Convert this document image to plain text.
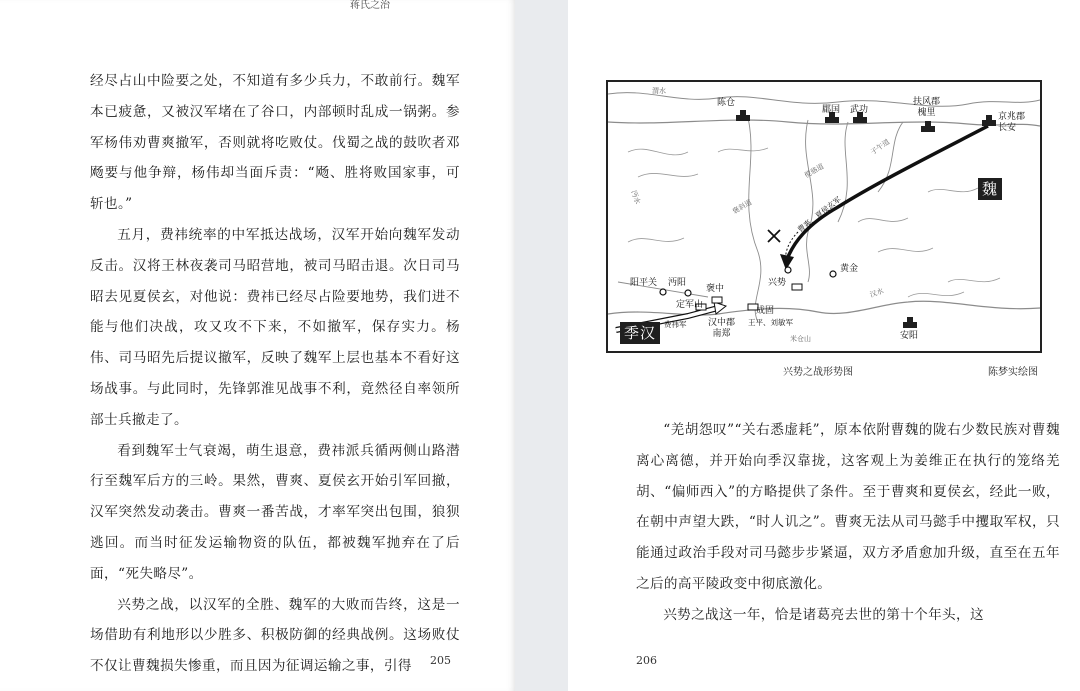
蒋氏之治

经尽占山中险要之处，不知道有多少兵力，不敢前行。魏军本已疲惫，又被汉军堵在了谷口，内部顿时乱成一锅粥。参军杨伟劝曹爽撤军，否则就将吃败仗。伐蜀之战的鼓吹者邓飏要与他争辩，杨伟却当面斥责：“飏、胜将败国家事，可斩也。”

五月，费祎统率的中军抵达战场，汉军开始向魏军发动反击。汉将王林夜袭司马昭营地，被司马昭击退。次日司马昭去见夏侯玄，对他说：费祎已经尽占险要地势，我们进不能与他们决战，攻又攻不下来，不如撤军，保存实力。杨伟、司马昭先后提议撤军，反映了魏军上层也基本不看好这场战事。与此同时，先锋郭淮见战事不利，竟然径自率领所部士兵撤走了。

看到魏军士气衰竭，萌生退意，费祎派兵循两侧山路潜行至魏军后方的三岭。果然，曹爽、夏侯玄开始引军回撤，汉军突然发动袭击。曹爽一番苦战，才率军突出包围，狼狈逃回。而当时征发运输物资的队伍，都被魏军抛弃在了后面，“死失略尽”。

兴势之战，以汉军的全胜、魏军的大败而告终，这是一场借助有利地形以少胜多、积极防御的经典战例。这场败仗不仅让曹魏损失惨重，而且因为征调运输之事，引得	205
陈仓
郿国 武功
扶风郡
槐里	京兆郡
长安
阳平关 沔阳
定军山
褒中
汉中郡
南郑
成固
兴势
黄金
安阳
曹爽、夏侯玄军
费祎军	王平、刘敏军
渭水
沔水
汉水
米仓山
子午道
傥骆道
褒斜道
魏
季汉
兴势之战形势图	陈梦实绘图

“羌胡怨叹”“关右悉虚耗”，原本依附曹魏的陇右少数民族对曹魏离心离德，并开始向季汉靠拢，这客观上为姜维正在执行的笼络羌胡、“偏师西入”的方略提供了条件。至于曹爽和夏侯玄，经此一败，在朝中声望大跌，“时人讥之”。曹爽无法从司马懿手中攫取军权，只能通过政治手段对司马懿步步紧逼，双方矛盾愈加升级，直至在五年之后的高平陵政变中彻底激化。

兴势之战这一年，恰是诸葛亮去世的第十个年头，这

206
